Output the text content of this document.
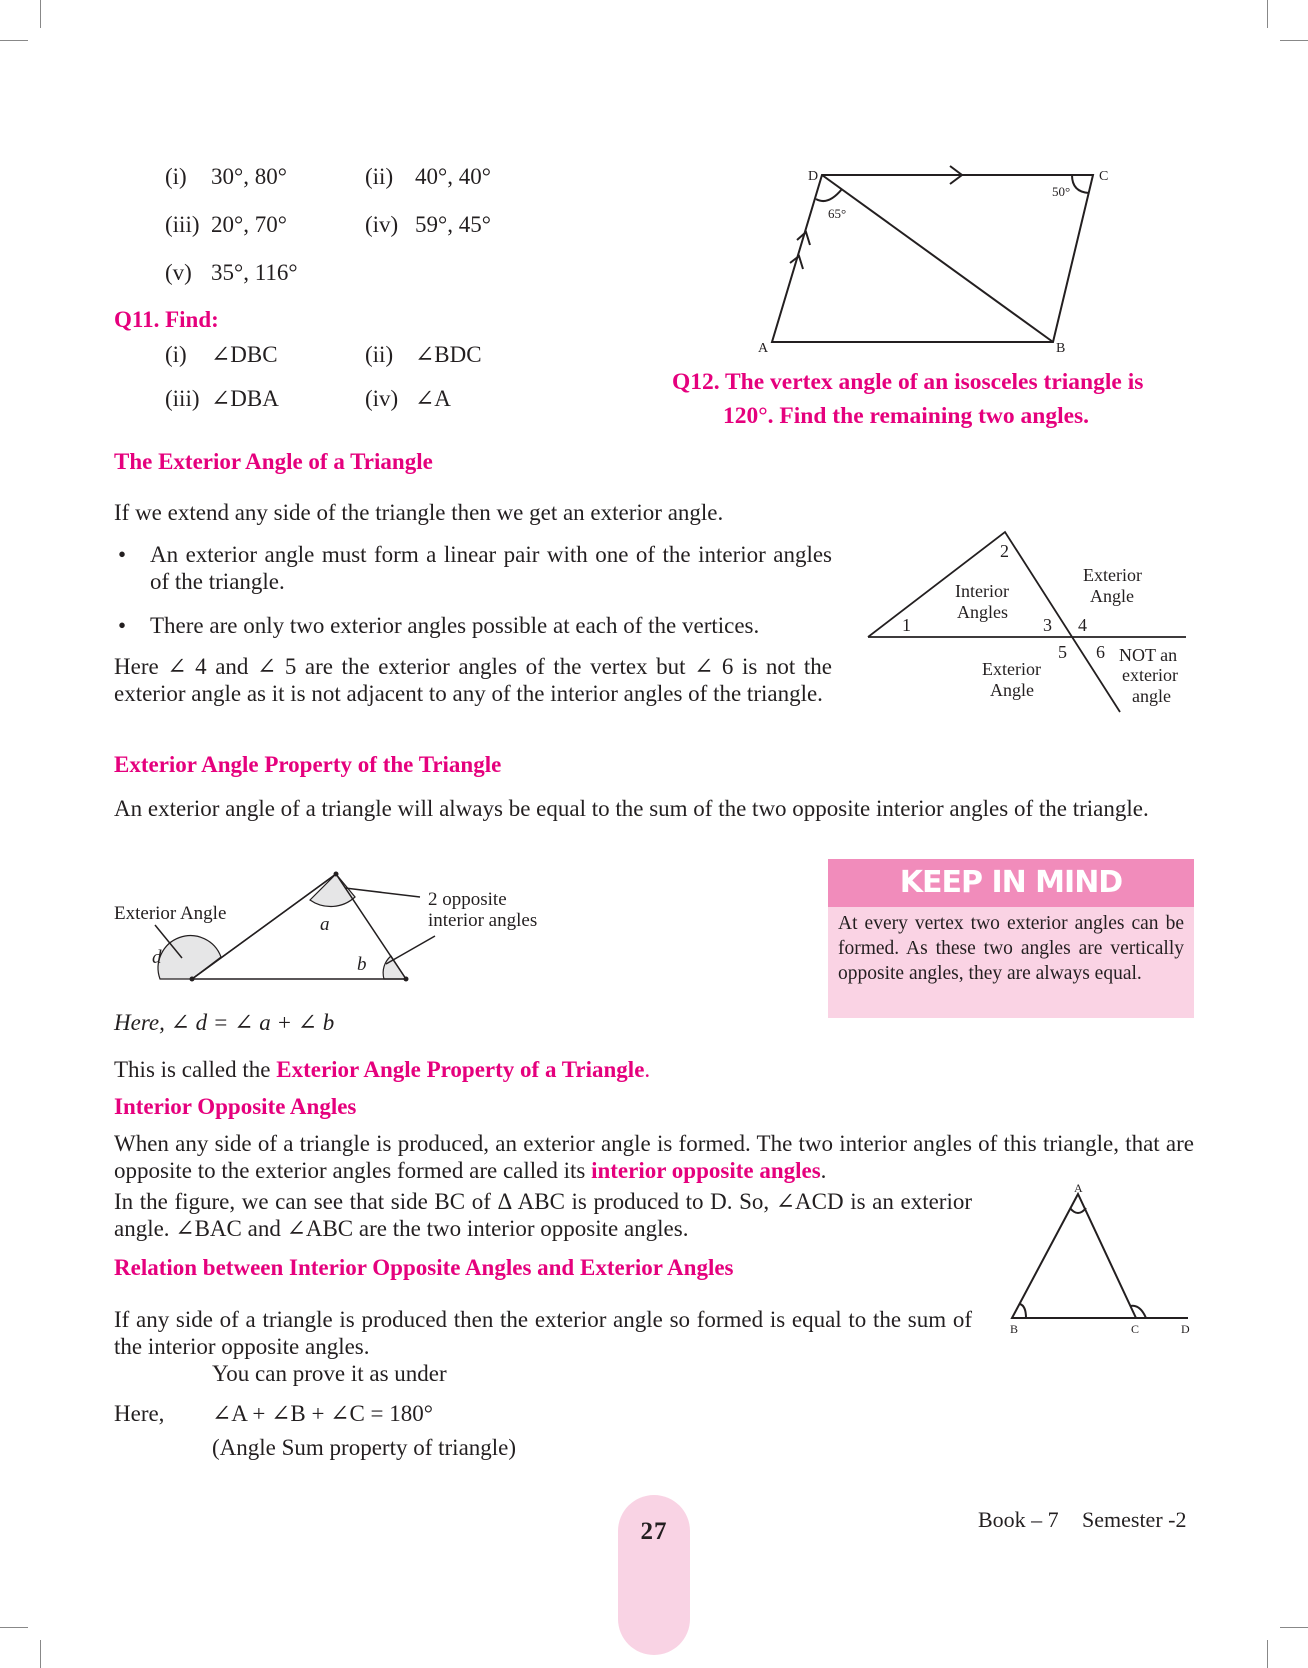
(i) 30°, 80°	(ii) 40°, 40°
(iii) 20°, 70°	(iv) 59°, 45°
(v) 35°, 116°
Q11. Find:
(i) ∠DBC	(ii) ∠BDC
(iii) ∠DBA	(iv) ∠A
D	C
A	B
65°
50°
Q12. The vertex angle of an isosceles triangle is
120°. Find the remaining two angles.
The Exterior Angle of a Triangle
If we extend any side of the triangle then we get an exterior angle.
• An exterior angle must form a linear pair with one of the interior angles of the triangle.
• There are only two exterior angles possible at each of the vertices.
Here ∠ 4 and ∠ 5 are the exterior angles of the vertex but ∠ 6 is not the exterior angle as it is not adjacent to any of the interior angles of the triangle.
2
1	3 4
5 6
Interior
Angles
Exterior
Angle
Exterior
Angle
NOT an
exterior
angle
Exterior Angle Property of the Triangle
An exterior angle of a triangle will always be equal to the sum of the two opposite interior angles of the triangle.
Exterior Angle
2 opposite
interior angles
a
b
d
KEEP IN MIND
At every vertex two exterior angles can be formed. As these two angles are vertically opposite angles, they are always equal.
Here, ∠ d = ∠ a + ∠ b
This is called the Exterior Angle Property of a Triangle.
Interior Opposite Angles
When any side of a triangle is produced, an exterior angle is formed. The two interior angles of this triangle, that are opposite to the exterior angles formed are called its interior opposite angles.
In the figure, we can see that side BC of Δ ABC is produced to D. So, ∠ACD is an exterior angle. ∠BAC and ∠ABC are the two interior opposite angles.
A
B	C	D
Relation between Interior Opposite Angles and Exterior Angles
If any side of a triangle is produced then the exterior angle so formed is equal to the sum of the interior opposite angles.
You can prove it as under
Here, ∠A + ∠B + ∠C = 180°
(Angle Sum property of triangle)
27	Book – 7 Semester -2
